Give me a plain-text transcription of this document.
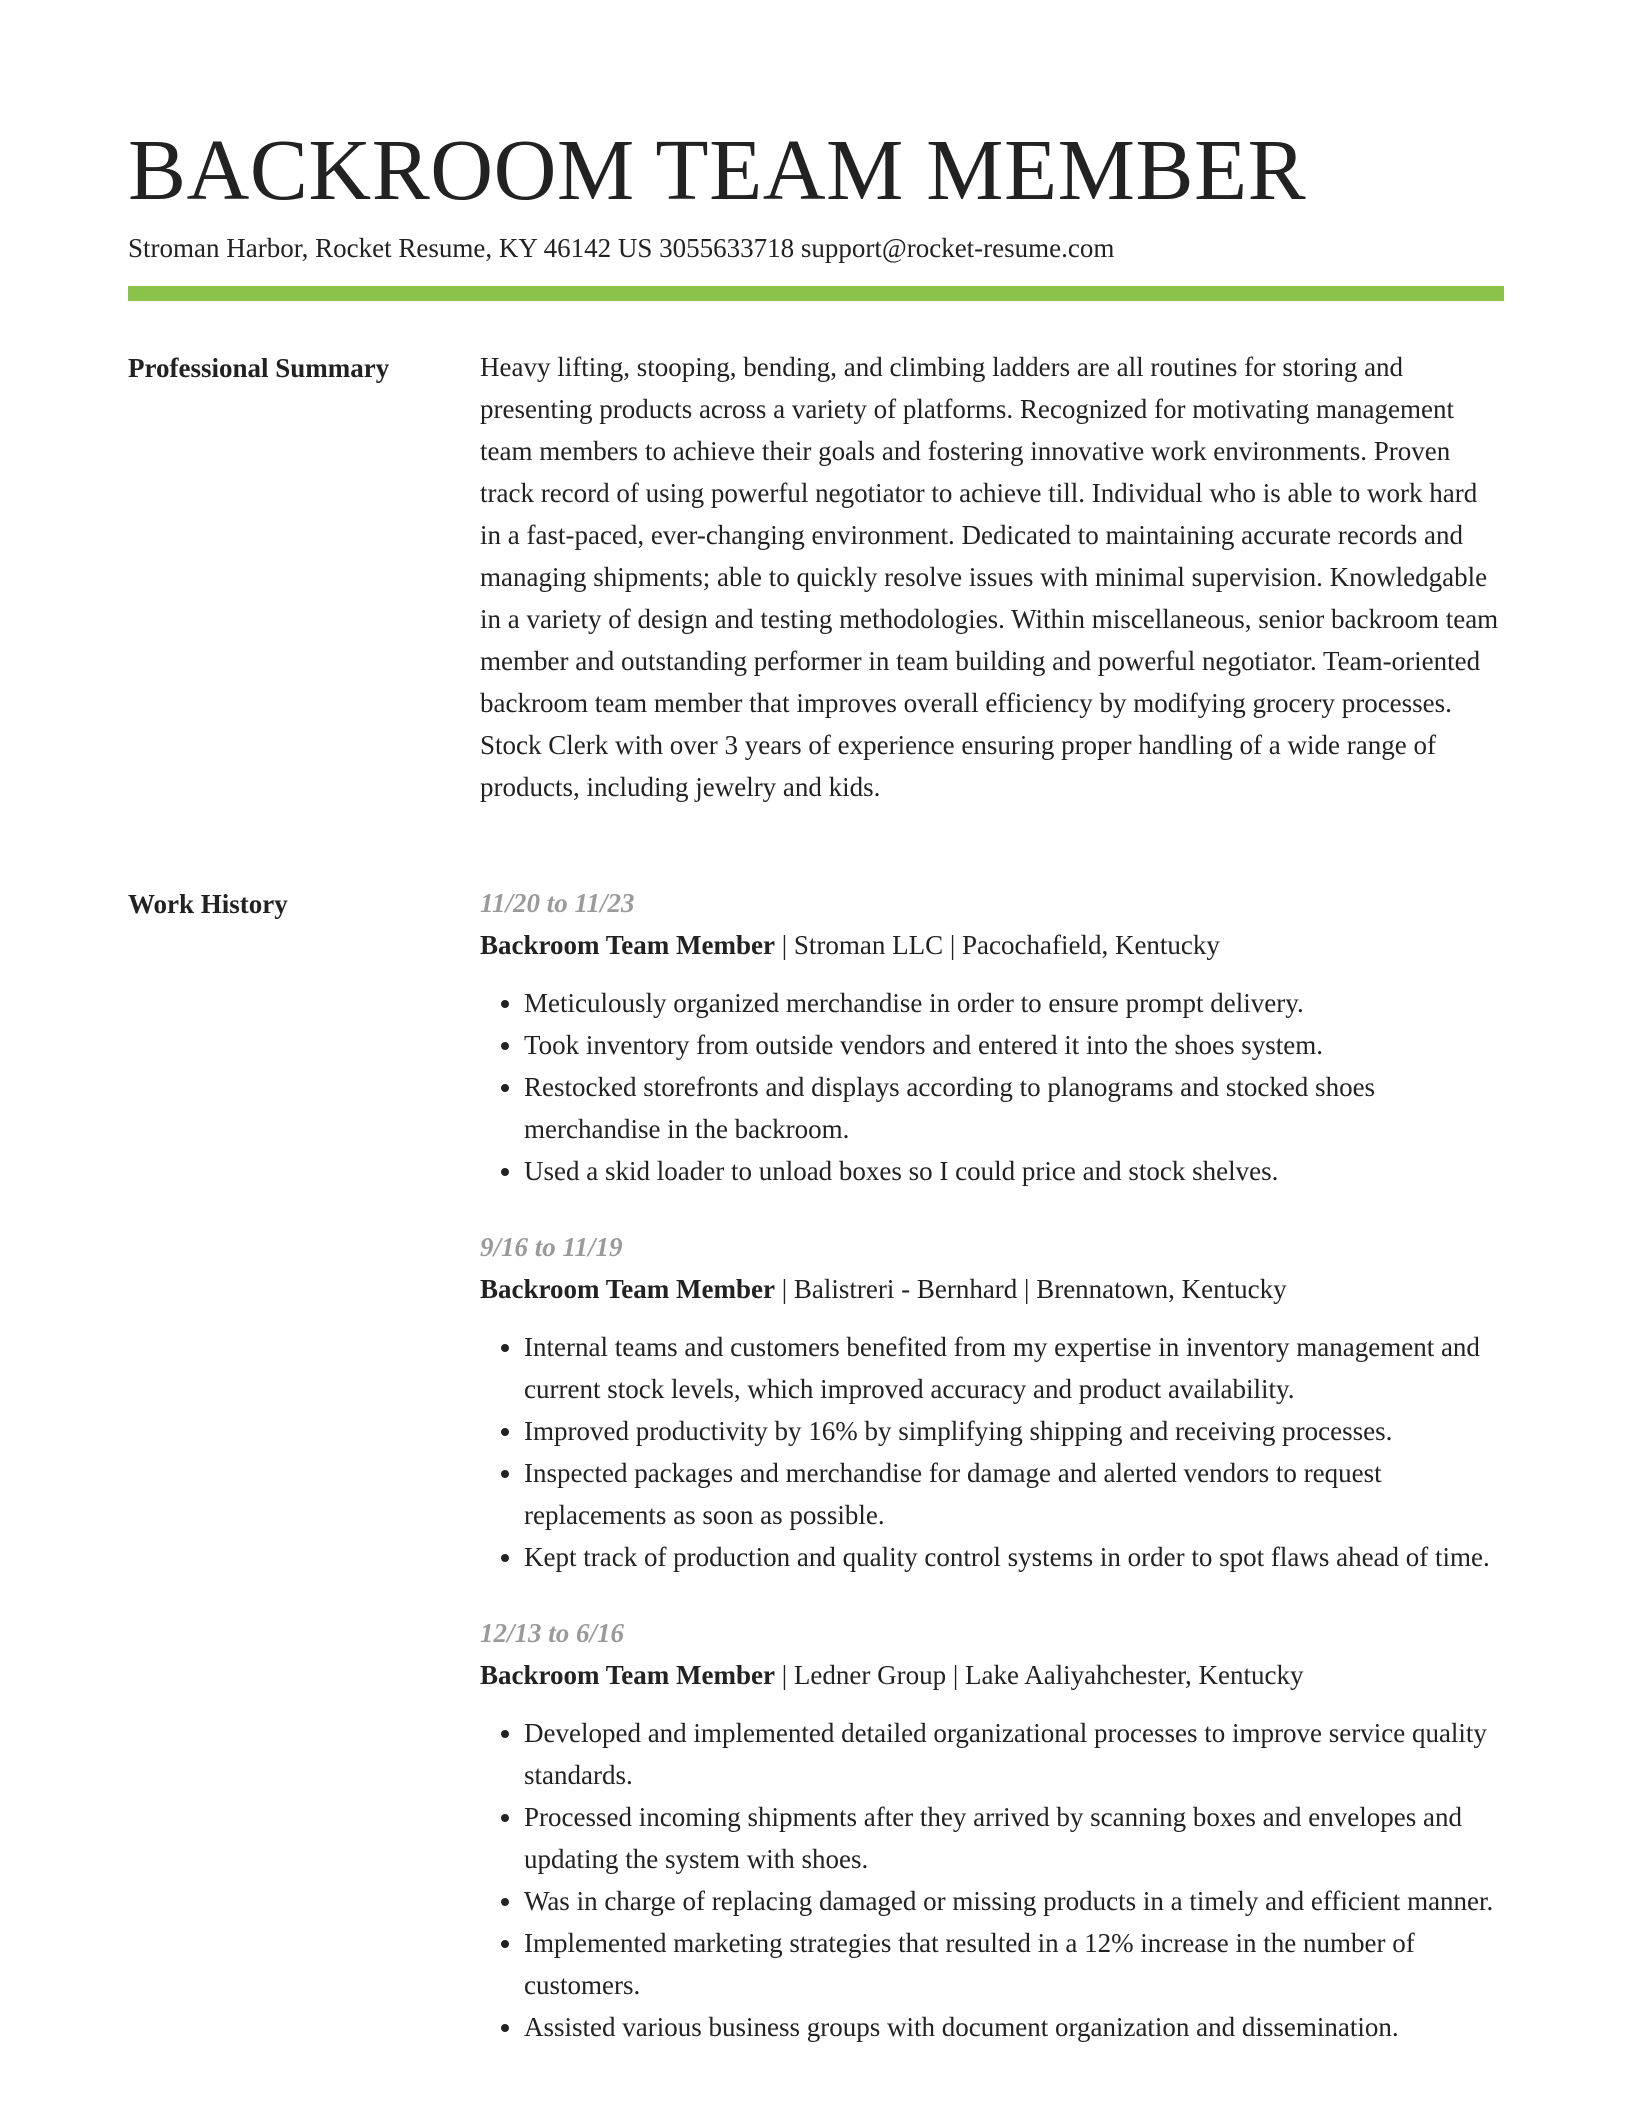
BACKROOM TEAM MEMBER
Stroman Harbor, Rocket Resume, KY 46142 US 3055633718 support@rocket-resume.com
Professional Summary	Heavy lifting, stooping, bending, and climbing ladders are all routines for storing and presenting products across a variety of platforms. Recognized for motivating management team members to achieve their goals and fostering innovative work environments. Proven track record of using powerful negotiator to achieve till. Individual who is able to work hard in a fast-paced, ever-changing environment. Dedicated to maintaining accurate records and managing shipments; able to quickly resolve issues with minimal supervision. Knowledgable in a variety of design and testing methodologies. Within miscellaneous, senior backroom team member and outstanding performer in team building and powerful negotiator. Team-oriented backroom team member that improves overall efficiency by modifying grocery processes. Stock Clerk with over 3 years of experience ensuring proper handling of a wide range of products, including jewelry and kids.

Work History	11/20 to 11/23

Backroom Team Member | Stroman LLC | Pacochafield, Kentucky

• Meticulously organized merchandise in order to ensure prompt delivery.
• Took inventory from outside vendors and entered it into the shoes system.
• Restocked storefronts and displays according to planograms and stocked shoes merchandise in the backroom.
• Used a skid loader to unload boxes so I could price and stock shelves.

9/16 to 11/19

Backroom Team Member | Balistreri - Bernhard | Brennatown, Kentucky

• Internal teams and customers benefited from my expertise in inventory management and current stock levels, which improved accuracy and product availability.
• Improved productivity by 16% by simplifying shipping and receiving processes.
• Inspected packages and merchandise for damage and alerted vendors to request replacements as soon as possible.
• Kept track of production and quality control systems in order to spot flaws ahead of time.

12/13 to 6/16

Backroom Team Member | Ledner Group | Lake Aaliyahchester, Kentucky

• Developed and implemented detailed organizational processes to improve service quality standards.
• Processed incoming shipments after they arrived by scanning boxes and envelopes and updating the system with shoes.
• Was in charge of replacing damaged or missing products in a timely and efficient manner.
• Implemented marketing strategies that resulted in a 12% increase in the number of customers.
• Assisted various business groups with document organization and dissemination.
